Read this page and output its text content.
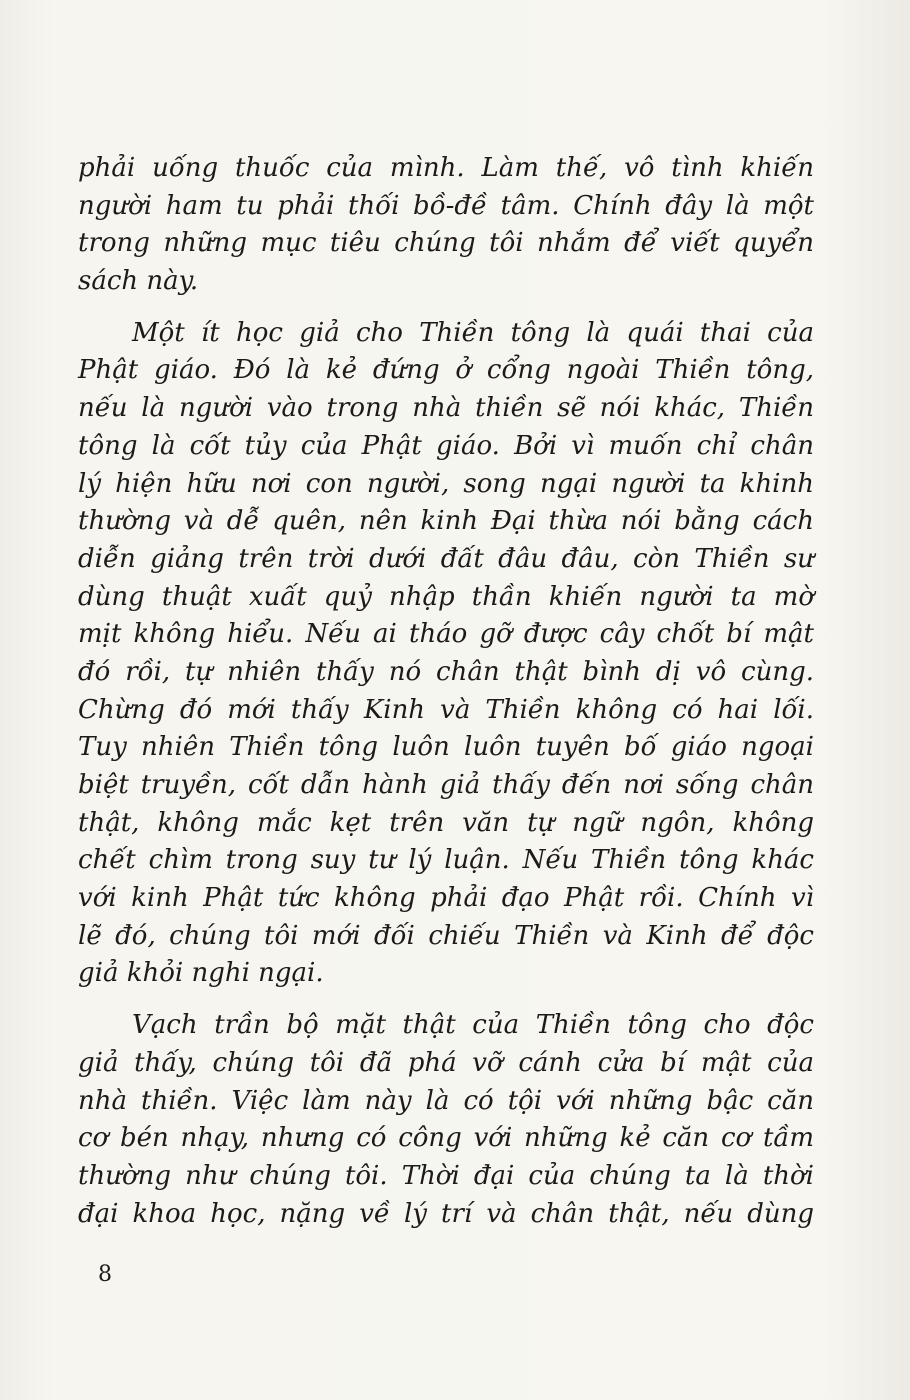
phải uống thuốc của mình. Làm thế, vô tình khiến
người ham tu phải thối bồ-đề tâm. Chính đây là một
trong những mục tiêu chúng tôi nhắm để viết quyển
sách này.
Một ít học giả cho Thiền tông là quái thai của
Phật giáo. Đó là kẻ đứng ở cổng ngoài Thiền tông,
nếu là người vào trong nhà thiền sẽ nói khác, Thiền
tông là cốt tủy của Phật giáo. Bởi vì muốn chỉ chân
lý hiện hữu nơi con người, song ngại người ta khinh
thường và dễ quên, nên kinh Đại thừa nói bằng cách
diễn giảng trên trời dưới đất đâu đâu, còn Thiền sư
dùng thuật xuất quỷ nhập thần khiến người ta mờ
mịt không hiểu. Nếu ai tháo gỡ được cây chốt bí mật
đó rồi, tự nhiên thấy nó chân thật bình dị vô cùng.
Chừng đó mới thấy Kinh và Thiền không có hai lối.
Tuy nhiên Thiền tông luôn luôn tuyên bố giáo ngoại
biệt truyền, cốt dẫn hành giả thấy đến nơi sống chân
thật, không mắc kẹt trên văn tự ngữ ngôn, không
chết chìm trong suy tư lý luận. Nếu Thiền tông khác
với kinh Phật tức không phải đạo Phật rồi. Chính vì
lẽ đó, chúng tôi mới đối chiếu Thiền và Kinh để độc
giả khỏi nghi ngại.
Vạch trần bộ mặt thật của Thiền tông cho độc
giả thấy, chúng tôi đã phá vỡ cánh cửa bí mật của
nhà thiền. Việc làm này là có tội với những bậc căn
cơ bén nhạy, nhưng có công với những kẻ căn cơ tầm
thường như chúng tôi. Thời đại của chúng ta là thời
đại khoa học, nặng về lý trí và chân thật, nếu dùng
8
